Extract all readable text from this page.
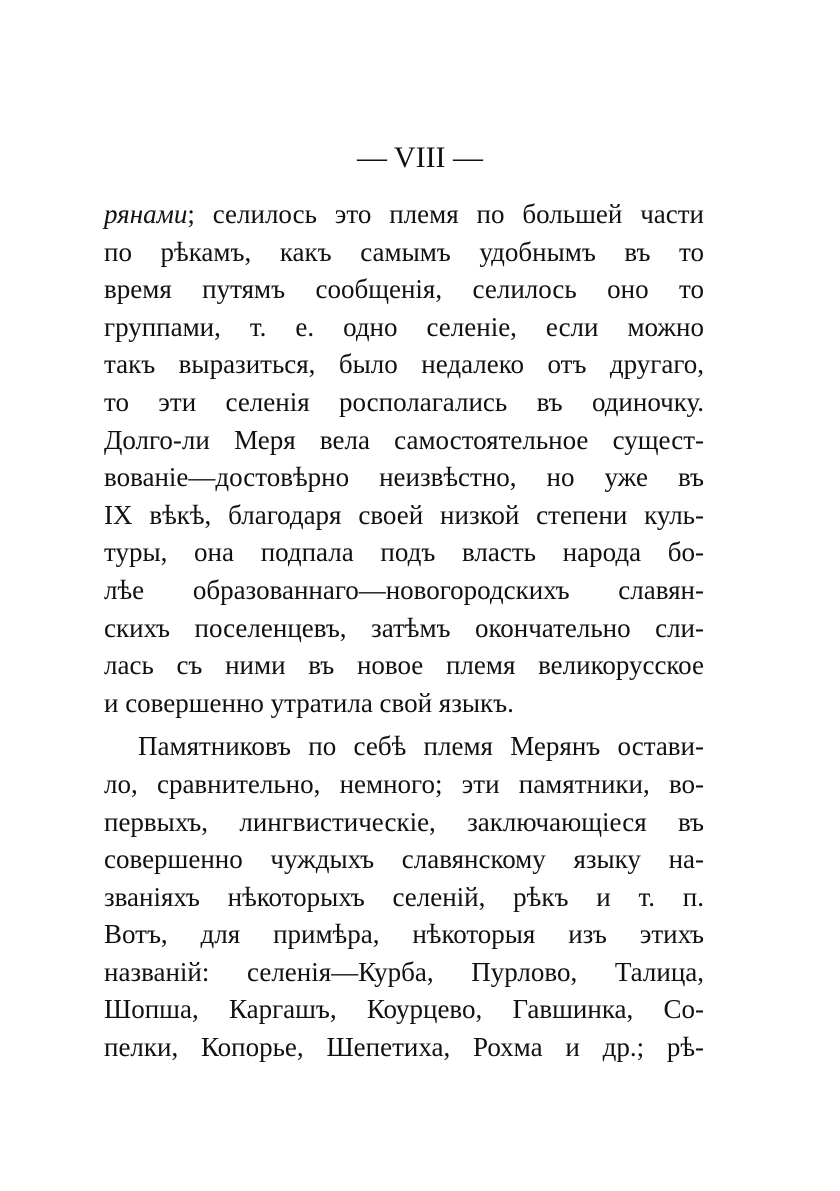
— VIII —
рянами; селилось это племя по большей части
по рѣкамъ, какъ самымъ удобнымъ въ то
время путямъ сообщенія, селилось оно то
группами, т. е. одно селеніе, если можно
такъ выразиться, было недалеко отъ другаго,
то эти селенія росполагались въ одиночку.
Долго-ли Меря вела самостоятельное сущест-
вованіе—достовѣрно неизвѣстно, но уже въ
IX вѣкѣ, благодаря своей низкой степени куль-
туры, она подпала подъ власть народа бо-
лѣе образованнаго—новогородскихъ славян-
скихъ поселенцевъ, затѣмъ окончательно сли-
лась съ ними въ новое племя великорусское
и совершенно утратила свой языкъ.
Памятниковъ по себѣ племя Мерянъ остави-
ло, сравнительно, немного; эти памятники, во-
первыхъ, лингвистическіе, заключающіеся въ
совершенно чуждыхъ славянскому языку на-
званіяхъ нѣкоторыхъ селеній, рѣкъ и т. п.
Вотъ, для примѣра, нѣкоторыя изъ этихъ
названій: селенія—Курба, Пурлово, Талица,
Шопша, Каргашъ, Коурцево, Гавшинка, Со-
пелки, Копорье, Шепетиха, Рохма и др.; рѣ-
